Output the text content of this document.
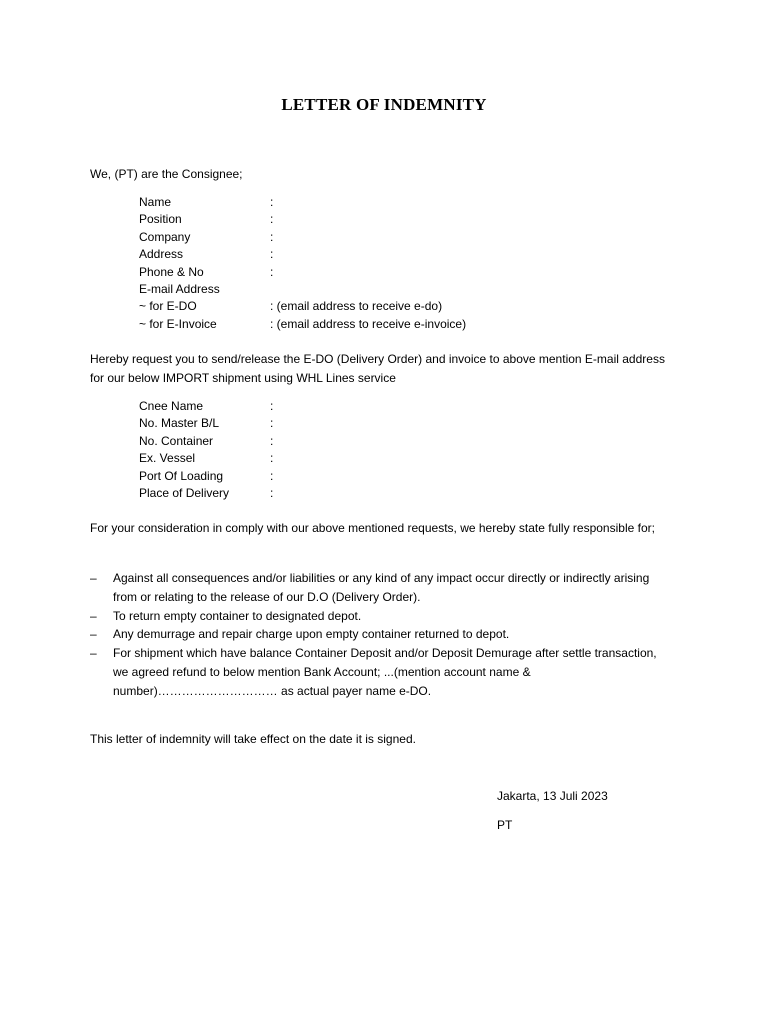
LETTER OF INDEMNITY
We, (PT) are the Consignee;
Name	:
Position	:
Company	:
Address	:
Phone & No	:
E-mail Address
~ for E-DO	: (email address to receive e-do)
~ for E-Invoice	: (email address to receive e-invoice)
Hereby request you to send/release the E-DO (Delivery Order) and invoice to above mention E-mail address for our below IMPORT shipment using WHL Lines service
Cnee Name	:
No. Master B/L	:
No. Container	:
Ex. Vessel	:
Port Of Loading	:
Place of Delivery	:
For your consideration in comply with our above mentioned requests, we hereby state fully responsible for;
– Against all consequences and/or liabilities or any kind of any impact occur directly or indirectly arising from or relating to the release of our D.O (Delivery Order).
– To return empty container to designated depot.
– Any demurrage and repair charge upon empty container returned to depot.
– For shipment which have balance Container Deposit and/or Deposit Demurage after settle transaction, we agreed refund to below mention Bank Account; ...(mention account name & number)………………………… as actual payer name e-DO.
This letter of indemnity will take effect on the date it is signed.
Jakarta, 13 Juli 2023
PT
